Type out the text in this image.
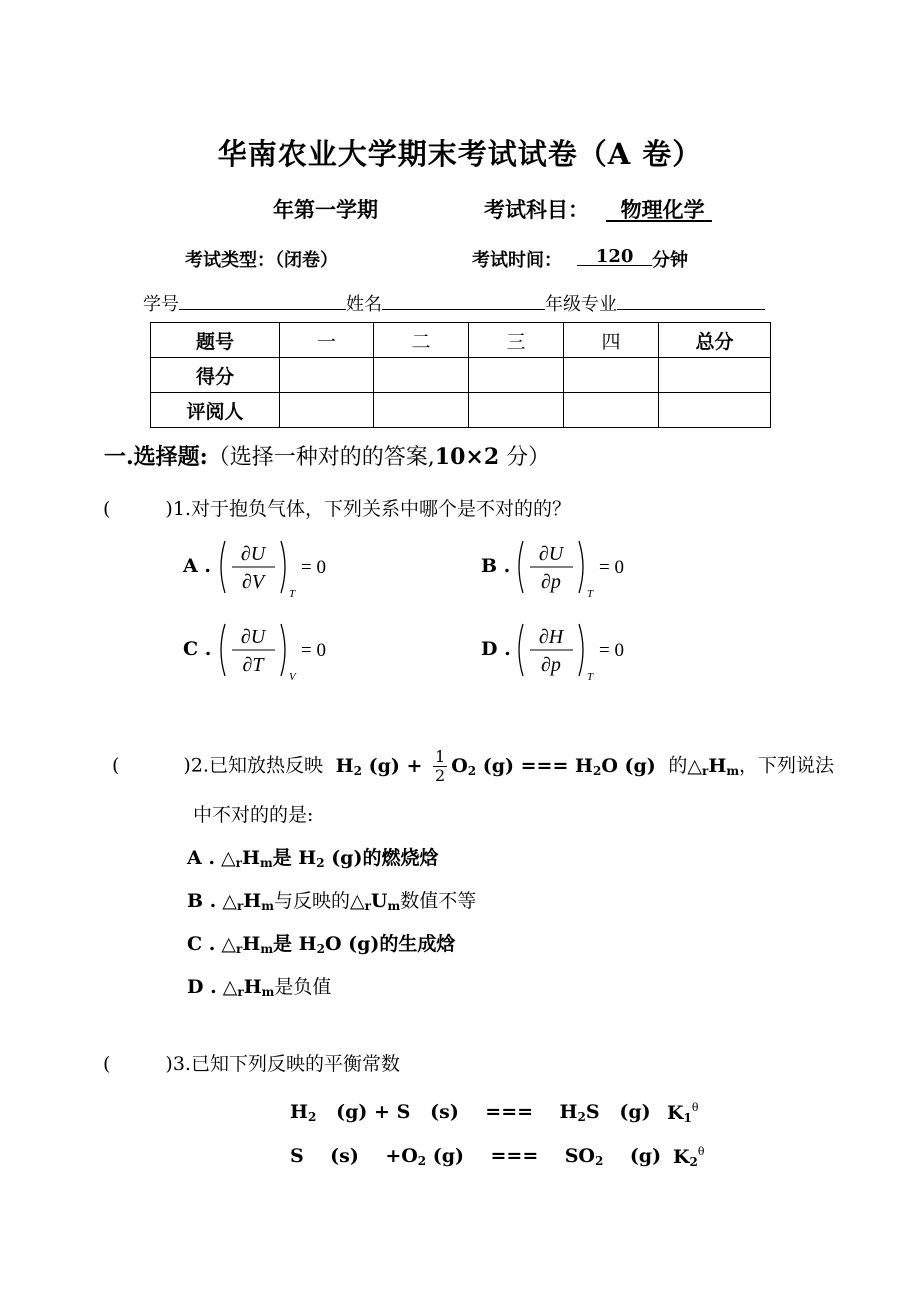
华南农业大学期末考试试卷（A 卷）
年第一学期	考试科目：	物理化学
考试类型：（闭卷）	考试时间：	120	分钟
学号	姓名	年级专业
题号	一	二	三	四	总分
得分					
评阅人					
一.选择题:（选择一种对的的答案,10×2 分）
(	)1.对于抱负气体，下列关系中哪个是不对的的？
A .
∂U
∂V
T
= 0	B .
∂U
∂p
T
= 0
C .
∂U
∂T
V
= 0	D .
∂H
∂p
T
= 0
(	)2.已知放热反映  $H_2$ $(g) + \frac{1}{2} O_2$ (g) === $H_2O$ (g)  的$\triangle_rH_m$，下列说法
中不对的的是:
A . $\triangle_rH_m$是 $H_2$ (g)的燃烧焓
B . $\triangle_rH_m$与反映的$\triangle_rU_m$数值不等
C . $\triangle_rH_m$是 $H_2O$ (g)的生成焓
D . $\triangle_rH_m$是负值
(	)3.已知下列反映的平衡常数
$H_2$   (g) + S   (s)    ===    $H_2S$   (g) $K_1^\theta$
S    (s)    $+O_2$ (g)    ===    $SO_2$    (g) $K_2^\theta$
